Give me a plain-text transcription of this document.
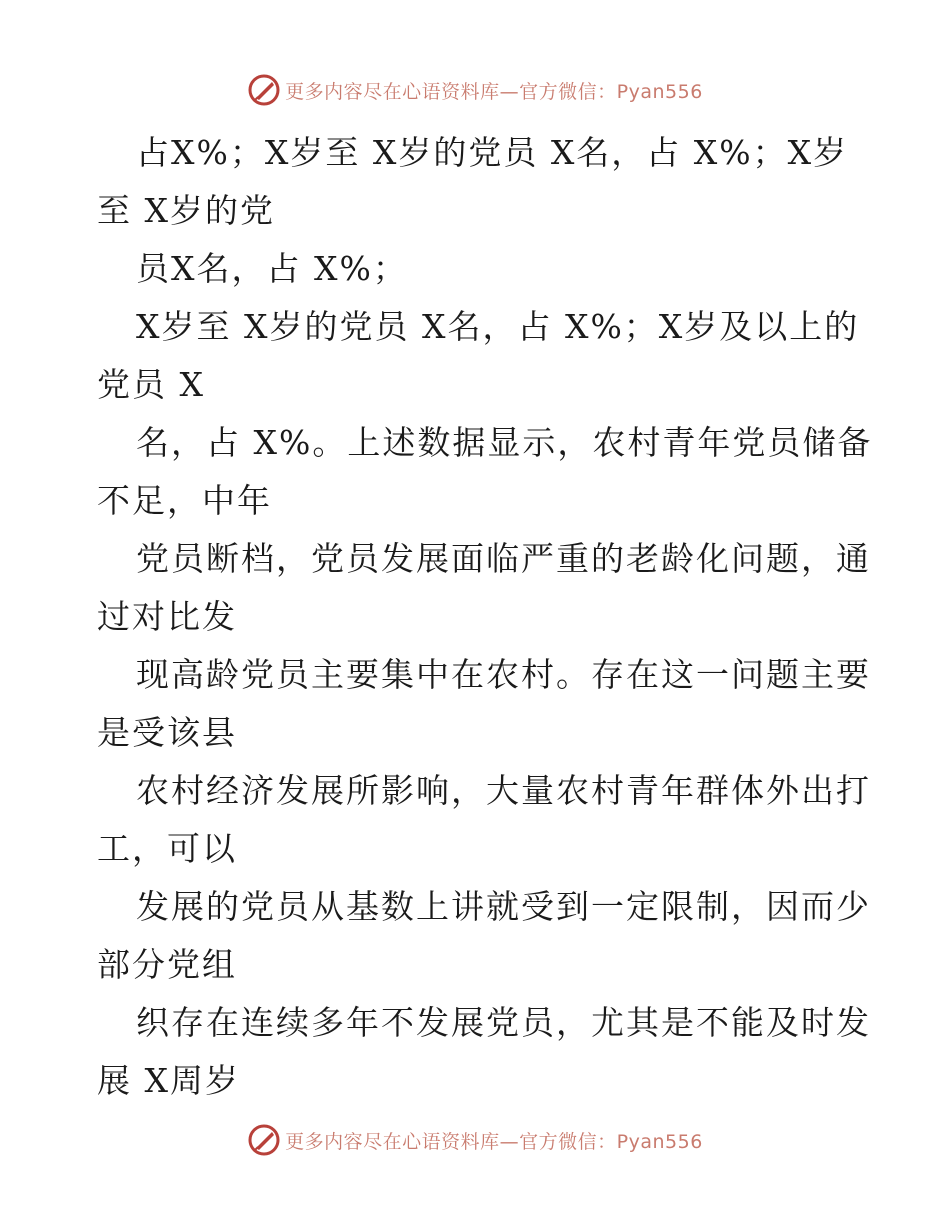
更多内容尽在心语资料库—官方微信：Pyan556
占X%；X岁至 X岁的党员 X名，占 X%；X岁
至 X岁的党
员X名，占 X%；
X岁至 X岁的党员 X名，占 X%；X岁及以上的
党员 X
名，占 X%。上述数据显示，农村青年党员储备
不足，中年
党员断档，党员发展面临严重的老龄化问题，通
过对比发
现高龄党员主要集中在农村。存在这一问题主要
是受该县
农村经济发展所影响，大量农村青年群体外出打
工，可以
发展的党员从基数上讲就受到一定限制，因而少
部分党组
织存在连续多年不发展党员，尤其是不能及时发
展 X周岁
更多内容尽在心语资料库—官方微信：Pyan556
